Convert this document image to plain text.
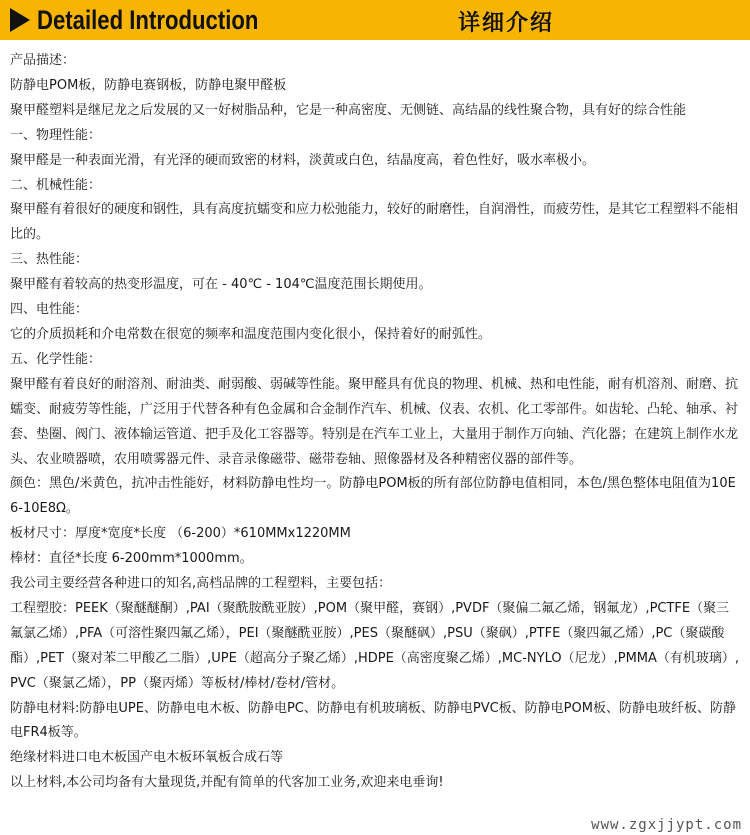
Detailed Introduction	详细介绍

产品描述：

防静电POM板，防静电赛钢板，防静电聚甲醛板

聚甲醛塑料是继尼龙之后发展的又一好树脂品种，它是一种高密度、无侧链、高结晶的线性聚合物，具有好的综合性能

一、物理性能：

聚甲醛是一种表面光滑，有光泽的硬而致密的材料，淡黄或白色，结晶度高，着色性好，吸水率极小。

二、机械性能：

聚甲醛有着很好的硬度和钢性，具有高度抗蠕变和应力松弛能力，较好的耐磨性，自润滑性，而疲劳性，是其它工程塑料不能相比的。

三、热性能：

聚甲醛有着较高的热变形温度，可在 - 40℃ - 104℃温度范围长期使用。

四、电性能：

它的介质损耗和介电常数在很宽的频率和温度范围内变化很小，保持着好的耐弧性。

五、化学性能：

聚甲醛有着良好的耐溶剂、耐油类、耐弱酸、弱碱等性能。聚甲醛具有优良的物理、机械、热和电性能，耐有机溶剂、耐磨、抗蠕变、耐疲劳等性能，广泛用于代替各种有色金属和合金制作汽车、机械、仪表、农机、化工零部件。如齿轮、凸轮、轴承、衬套、垫圈、阀门、液体输运管道、把手及化工容器等。特别是在汽车工业上，大量用于制作万向轴、汽化器；在建筑上制作水龙头、农业喷器喷，农用喷雾器元件、录音录像磁带、磁带卷轴、照像器材及各种精密仪器的部件等。

颜色：黑色/米黄色，抗冲击性能好，材料防静电性均一。防静电POM板的所有部位防静电值相同，本色/黑色整体电阻值为10E6-10E8Ω。

板材尺寸：厚度*宽度*长度 （6-200）*610MMx1220MM

棒材：直径*长度 6-200mm*1000mm。

我公司主要经营各种进口的知名,高档品牌的工程塑料，主要包括：

工程塑胶：PEEK（聚醚醚酮）,PAI（聚酰胺酰亚胺）,POM（聚甲醛，赛钢）,PVDF（聚偏二氟乙烯，钢氟龙）,PCTFE（聚三氟氯乙烯）,PFA（可溶性聚四氟乙烯），PEI（聚醚酰亚胺）,PES（聚醚砜）,PSU（聚砜）,PTFE（聚四氟乙烯）,PC（聚碳酸酯）,PET（聚对苯二甲酸乙二脂）,UPE（超高分子聚乙烯）,HDPE（高密度聚乙烯）,MC-NYLO（尼龙）,PMMA（有机玻璃）,PVC（聚氯乙烯），PP（聚丙烯）等板材/棒材/卷材/管材。

防静电材料:防静电UPE、防静电电木板、防静电PC、防静电有机玻璃板、防静电PVC板、防静电POM板、防静电玻纤板、防静电FR4板等。

绝缘材料进口电木板国产电木板环氧板合成石等

以上材料,本公司均备有大量现货,并配有简单的代客加工业务,欢迎来电垂询!

www.zgxjjypt.com
